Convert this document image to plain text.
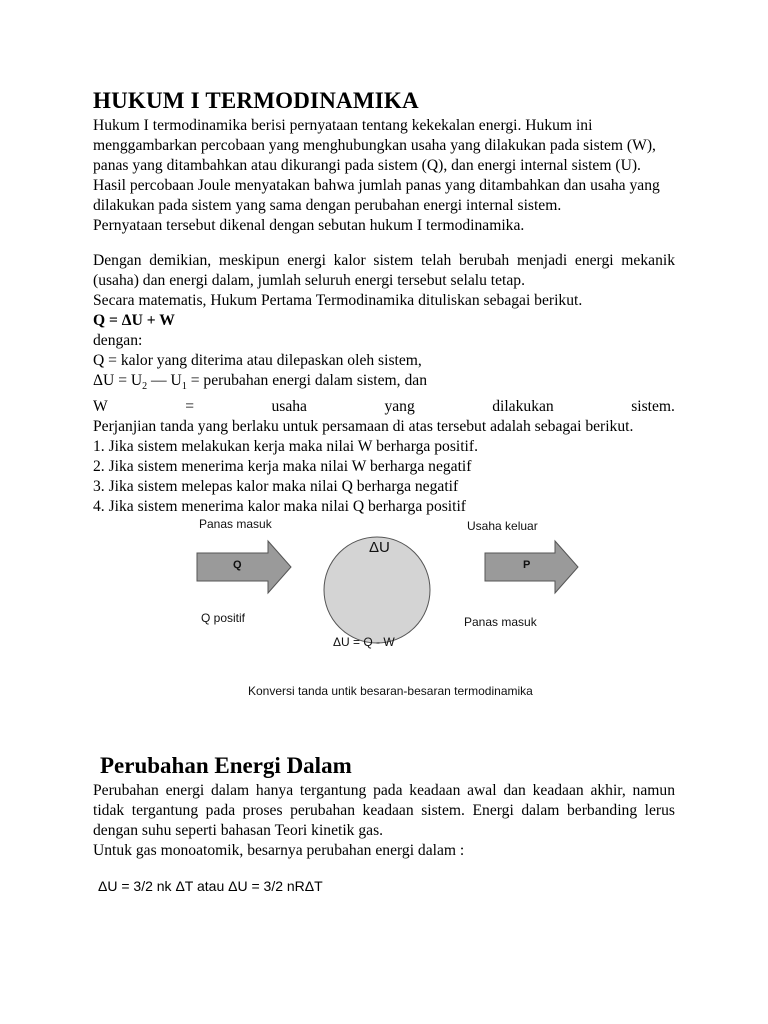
HUKUM I TERMODINAMIKA

Hukum I termodinamika berisi pernyataan tentang kekekalan energi. Hukum ini menggambarkan percobaan yang menghubungkan usaha yang dilakukan pada sistem (W), panas yang ditambahkan atau dikurangi pada sistem (Q), dan energi internal sistem (U).

Hasil percobaan Joule menyatakan bahwa jumlah panas yang ditambahkan dan usaha yang dilakukan pada sistem yang sama dengan perubahan energi internal sistem.

Pernyataan tersebut dikenal dengan sebutan hukum I termodinamika.

Dengan demikian, meskipun energi kalor sistem telah berubah menjadi energi mekanik (usaha) dan energi dalam, jumlah seluruh energi tersebut selalu tetap.

Secara matematis, Hukum Pertama Termodinamika dituliskan sebagai berikut.

Q = ΔU + W

dengan:

Q = kalor yang diterima atau dilepaskan oleh sistem,

$\Delta U = U_2$ — $U_1$ = perubahan energi dalam sistem, dan

W	=	usaha	yang	dilakukan	sistem.

Perjanjian tanda yang berlaku untuk persamaan di atas tersebut adalah sebagai berikut.

1. Jika sistem melakukan kerja maka nilai W berharga positif.

2. Jika sistem menerima kerja maka nilai W berharga negatif

3. Jika sistem melepas kalor maka nilai Q berharga negatif

4. Jika sistem menerima kalor maka nilai Q berharga positif

Panas masuk
Q
Q positif
ΔU
ΔU = Q - W
Usaha keluar
P
Panas masuk
Konversi tanda untik besaran-besaran termodinamika
Perubahan Energi Dalam

Perubahan energi dalam hanya tergantung pada keadaan awal dan keadaan akhir, namun tidak tergantung pada proses perubahan keadaan sistem. Energi dalam berbanding lerus dengan suhu seperti bahasan Teori kinetik gas.

Untuk gas monoatomik, besarnya perubahan energi dalam :

ΔU = 3/2 nk ΔT atau ΔU = 3/2 nRΔT
